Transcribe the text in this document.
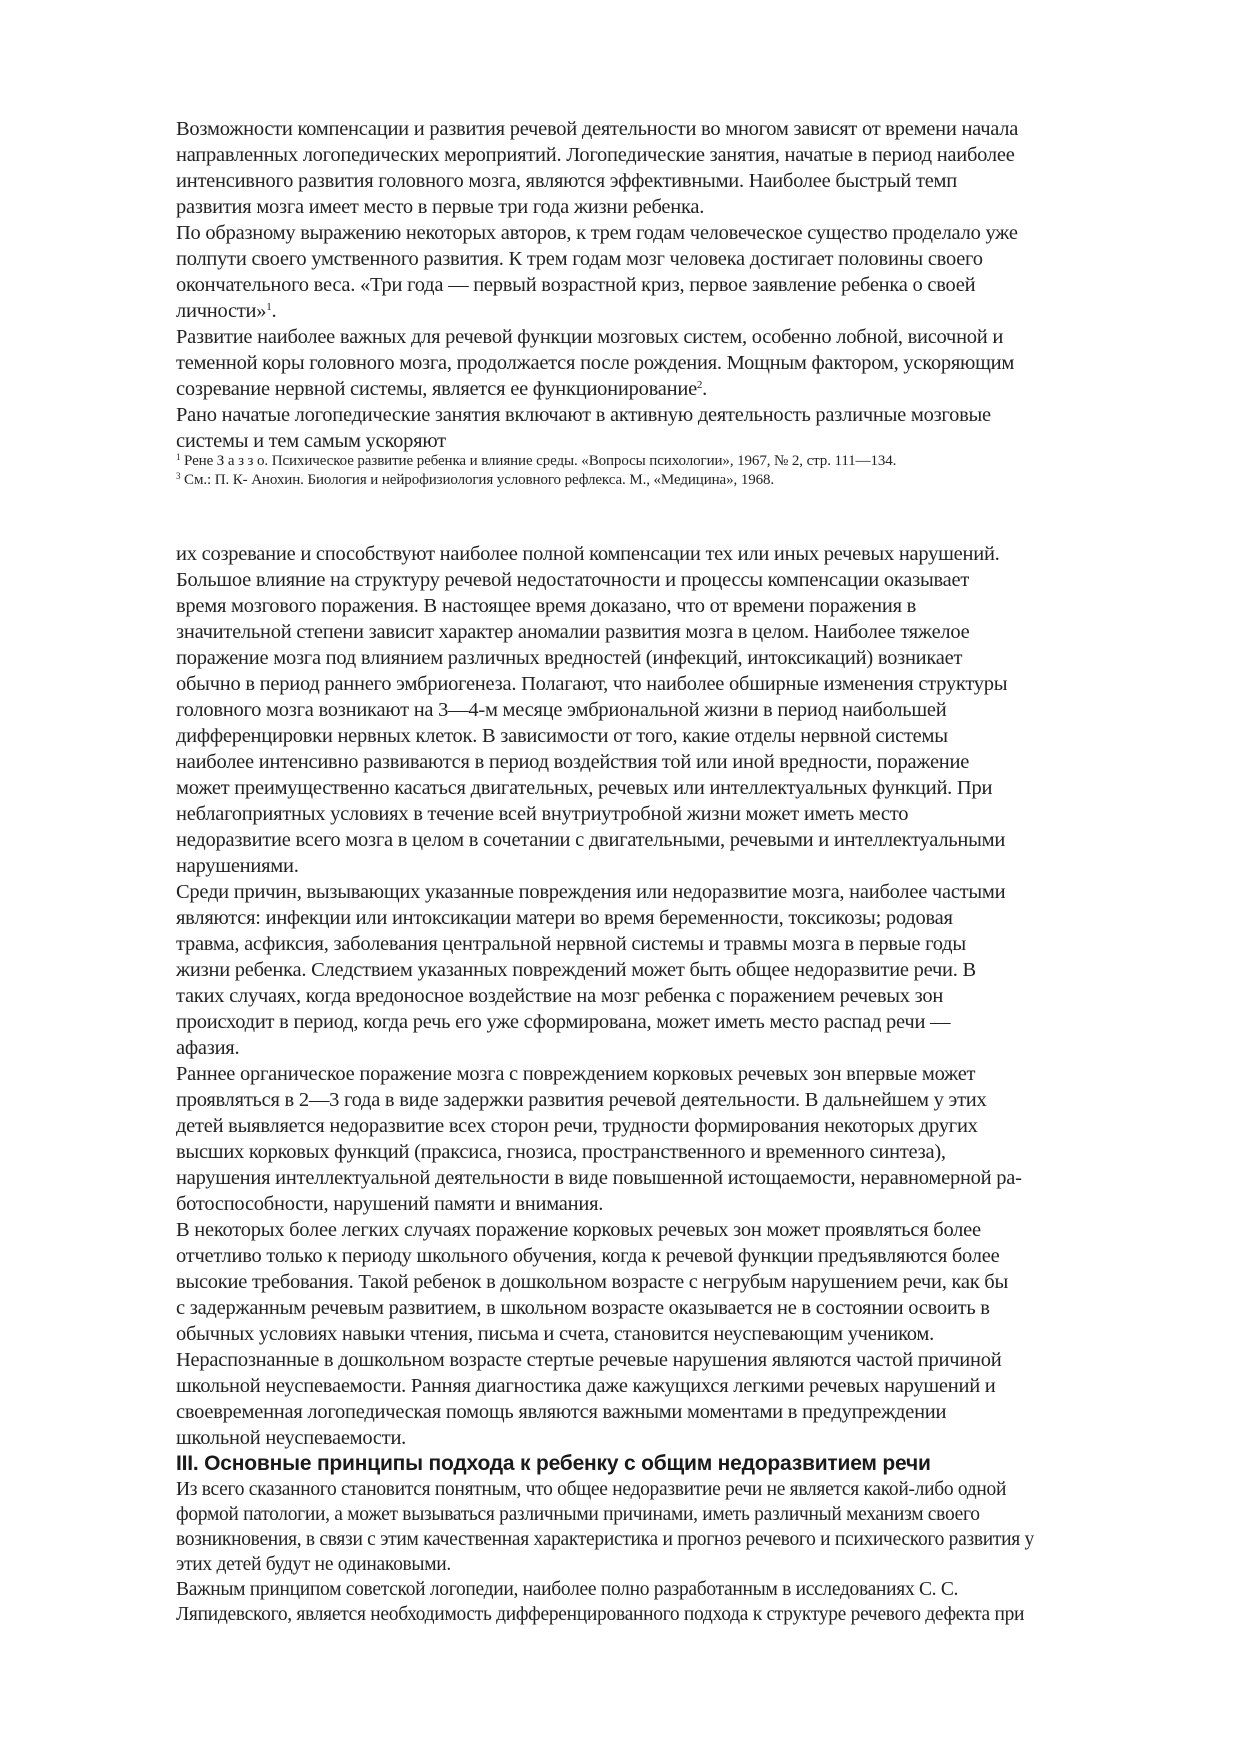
Возможности компенсации и развития речевой деятельности во многом зависят от времени начала
направленных логопедических мероприятий. Логопедические занятия, начатые в период наиболее
интенсивного развития головного мозга, являются эффективными. Наиболее быстрый темп
развития мозга имеет место в первые три года жизни ребенка.
По образному выражению некоторых авторов, к трем годам человеческое существо проделало уже
полпути своего умственного развития. К трем годам мозг человека достигает половины своего
окончательного веса. «Три года — первый возрастной криз, первое заявление ребенка о своей
личности»$^1$.
Развитие наиболее важных для речевой функции мозговых систем, особенно лобной, височной и
теменной коры головного мозга, продолжается после рождения. Мощным фактором, ускоряющим
созревание нервной системы, является ее функционирование$^2$.
Рано начатые логопедические занятия включают в активную деятельность различные мозговые
системы и тем самым ускоряют
$^1$ Рене З а з з о. Психическое развитие ребенка и влияние среды. «Вопросы психологии», 1967, № 2, стр. 111—134.
$^3$ См.: П. К- Анохин. Биология и нейрофизиология условного рефлекса. М., «Медицина», 1968.
их созревание и способствуют наиболее полной компенсации тех или иных речевых нарушений.
Большое влияние на структуру речевой недостаточности и процессы компенсации оказывает
время мозгового поражения. В настоящее время доказано, что от времени поражения в
значительной степени зависит характер аномалии развития мозга в целом. Наиболее тяжелое
поражение мозга под влиянием различных вредностей (инфекций, интоксикаций) возникает
обычно в период раннего эмбриогенеза. Полагают, что наиболее обширные изменения структуры
головного мозга возникают на 3—4-м месяце эмбриональной жизни в период наибольшей
дифференцировки нервных клеток. В зависимости от того, какие отделы нервной системы
наиболее интенсивно развиваются в период воздействия той или иной вредности, поражение
может преимущественно касаться двигательных, речевых или интеллектуальных функций. При
неблагоприятных условиях в течение всей внутриутробной жизни может иметь место
недоразвитие всего мозга в целом в сочетании с двигательными, речевыми и интеллектуальными
нарушениями.
Среди причин, вызывающих указанные повреждения или недоразвитие мозга, наиболее частыми
являются: инфекции или интоксикации матери во время беременности, токсикозы; родовая
травма, асфиксия, заболевания центральной нервной системы и травмы мозга в первые годы
жизни ребенка. Следствием указанных повреждений может быть общее недоразвитие речи. В
таких случаях, когда вредоносное воздействие на мозг ребенка с поражением речевых зон
происходит в период, когда речь его уже сформирована, может иметь место распад речи —
афазия.
Раннее органическое поражение мозга с повреждением корковых речевых зон впервые может
проявляться в 2—3 года в виде задержки развития речевой деятельности. В дальнейшем у этих
детей выявляется недоразвитие всех сторон речи, трудности формирования некоторых других
высших корковых функций (праксиса, гнозиса, пространственного и временного синтеза),
нарушения интеллектуальной деятельности в виде повышенной истощаемости, неравномерной ра-
ботоспособности, нарушений памяти и внимания.
В некоторых более легких случаях поражение корковых речевых зон может проявляться более
отчетливо только к периоду школьного обучения, когда к речевой функции предъявляются более
высокие требования. Такой ребенок в дошкольном возрасте с негрубым нарушением речи, как бы
с задержанным речевым развитием, в школьном возрасте оказывается не в состоянии освоить в
обычных условиях навыки чтения, письма и счета, становится неуспевающим учеником.
Нераспознанные в дошкольном возрасте стертые речевые нарушения являются частой причиной
школьной неуспеваемости. Ранняя диагностика даже кажущихся легкими речевых нарушений и
своевременная логопедическая помощь являются важными моментами в предупреждении
школьной неуспеваемости.
III. Основные принципы подхода к ребенку с общим недоразвитием речи
Из всего сказанного становится понятным, что общее недоразвитие речи не является какой-либо одной
формой патологии, а может вызываться различными причинами, иметь различный механизм своего
возникновения, в связи с этим качественная характеристика и прогноз речевого и психического развития у
этих детей будут не одинаковыми.
Важным принципом советской логопедии, наиболее полно разработанным в исследованиях С. С.
Ляпидевского, является необходимость дифференцированного подхода к структуре речевого дефекта при
